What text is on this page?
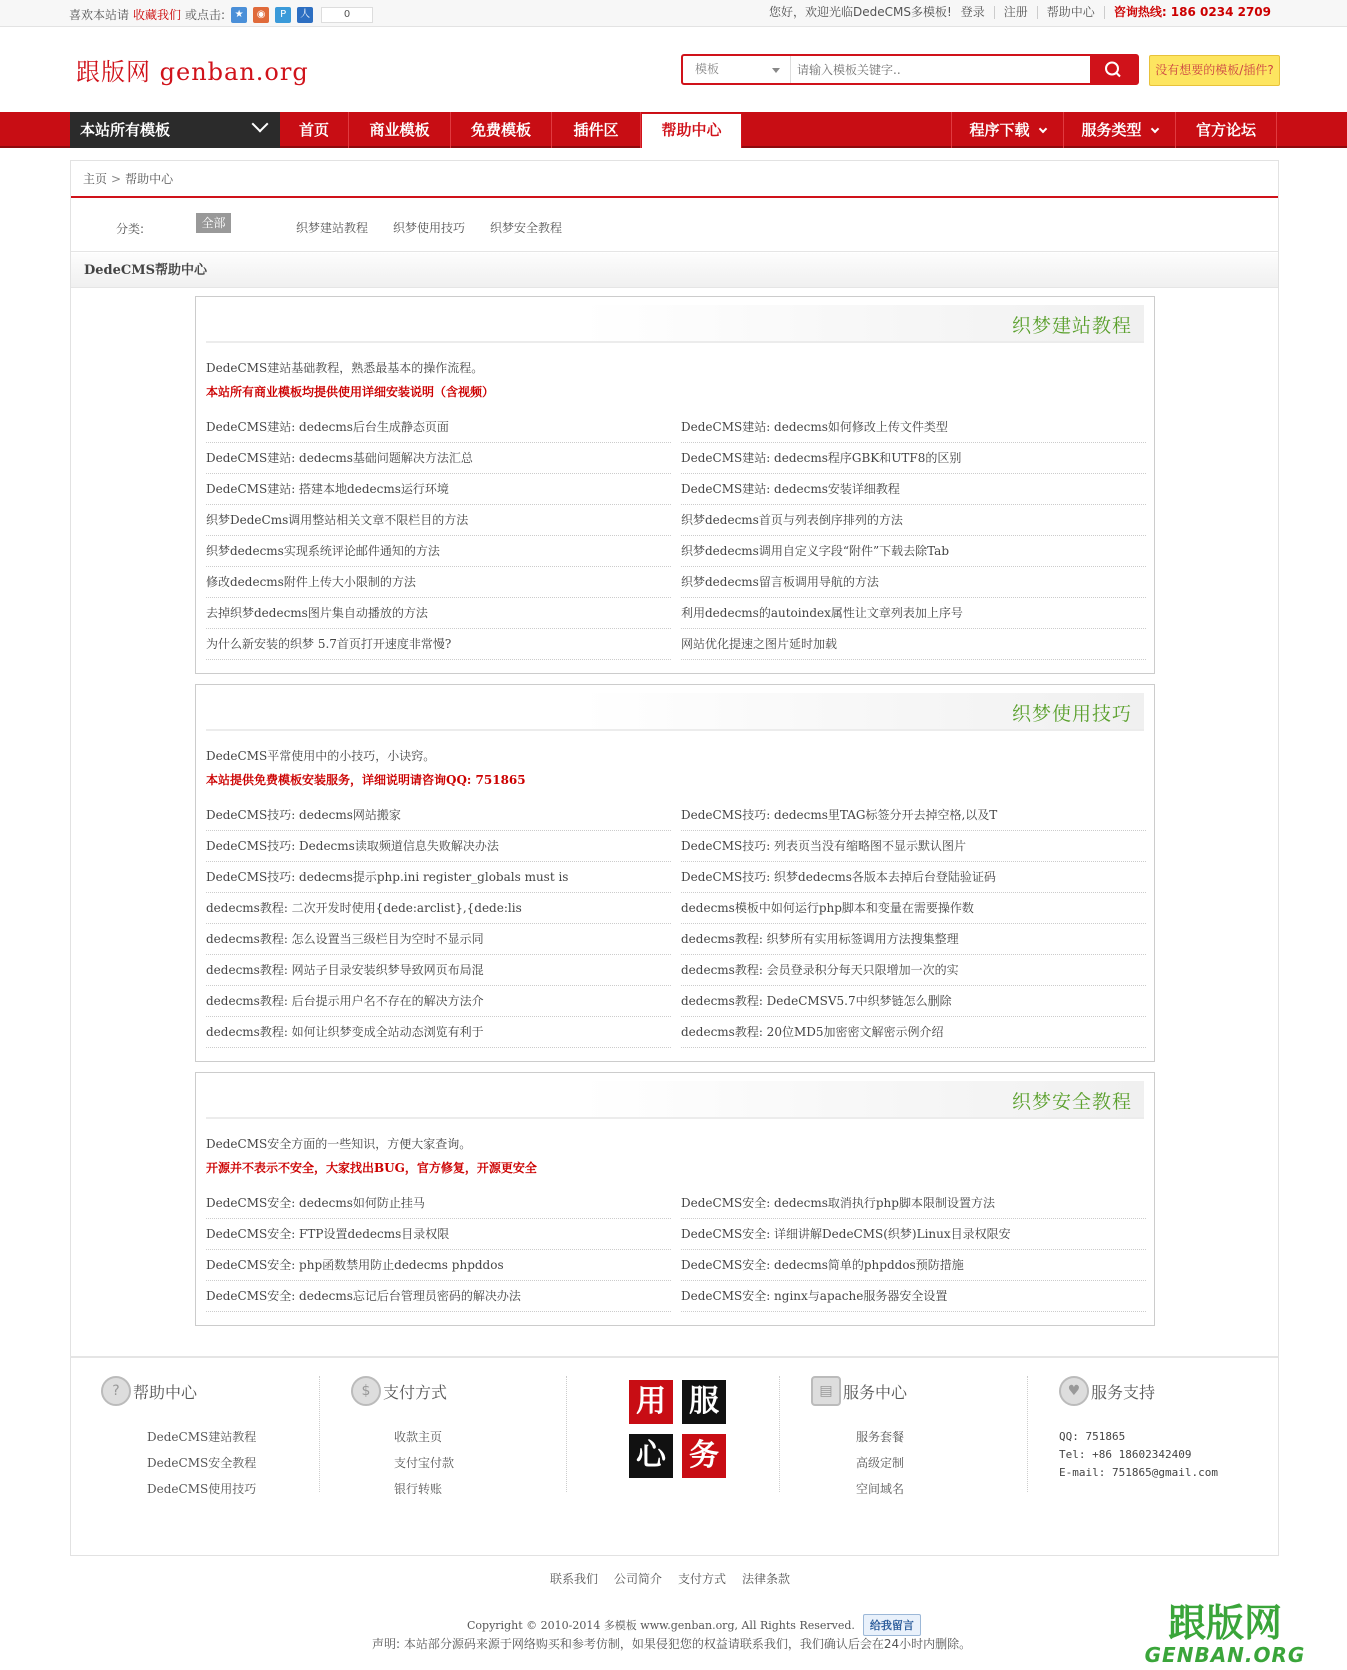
喜欢本站请 收藏我们 或点击: ★	◉	P	人	0	您好，欢迎光临DedeCMS多模板! 登录	注册	帮助中心	咨询热线: 186 0234 2709
跟版网 genban.org	模板
请输入模板关键字..	没有想要的模板/插件?
本站所有模板	首页	商业模板	免费模板	插件区	帮助中心	程序下载	服务类型	官方论坛
主页 > 帮助中心
分类:	全部	织梦建站教程 织梦使用技巧 织梦安全教程
DedeCMS帮助中心
织梦建站教程
DedeCMS建站基础教程，熟悉最基本的操作流程。
本站所有商业模板均提供使用详细安装说明（含视频）
DedeCMS建站: dedecms后台生成静态页面	DedeCMS建站: dedecms如何修改上传文件类型
DedeCMS建站: dedecms基础问题解决方法汇总	DedeCMS建站: dedecms程序GBK和UTF8的区别
DedeCMS建站: 搭建本地dedecms运行环境	DedeCMS建站: dedecms安装详细教程
织梦DedeCms调用整站相关文章不限栏目的方法	织梦dedecms首页与列表倒序排列的方法
织梦dedecms实现系统评论邮件通知的方法	织梦dedecms调用自定义字段“附件”下载去除Tab
修改dedecms附件上传大小限制的方法	织梦dedecms留言板调用导航的方法
去掉织梦dedecms图片集自动播放的方法	利用dedecms的autoindex属性让文章列表加上序号
为什么新安装的织梦 5.7首页打开速度非常慢?	网站优化提速之图片延时加载
织梦使用技巧
DedeCMS平常使用中的小技巧，小诀窍。
本站提供免费模板安装服务，详细说明请咨询QQ: 751865
DedeCMS技巧: dedecms网站搬家	DedeCMS技巧: dedecms里TAG标签分开去掉空格,以及T
DedeCMS技巧: Dedecms读取频道信息失败解决办法	DedeCMS技巧: 列表页当没有缩略图不显示默认图片
DedeCMS技巧: dedecms提示php.ini register_globals must is	DedeCMS技巧: 织梦dedecms各版本去掉后台登陆验证码
dedecms教程: 二次开发时使用{dede:arclist},{dede:lis	dedecms模板中如何运行php脚本和变量在需要操作数
dedecms教程: 怎么设置当三级栏目为空时不显示同	dedecms教程: 织梦所有实用标签调用方法搜集整理
dedecms教程: 网站子目录安装织梦导致网页布局混	dedecms教程: 会员登录积分每天只限增加一次的实
dedecms教程: 后台提示用户名不存在的解决方法介	dedecms教程: DedeCMSV5.7中织梦链怎么删除
dedecms教程: 如何让织梦变成全站动态浏览有利于	dedecms教程: 20位MD5加密密文解密示例介绍
织梦安全教程
DedeCMS安全方面的一些知识，方便大家查询。
开源并不表示不安全，大家找出BUG，官方修复，开源更安全
DedeCMS安全: dedecms如何防止挂马	DedeCMS安全: dedecms取消执行php脚本限制设置方法
DedeCMS安全: FTP设置dedecms目录权限	DedeCMS安全: 详细讲解DedeCMS(织梦)Linux目录权限安
DedeCMS安全: php函数禁用防止dedecms phpddos	DedeCMS安全: dedecms简单的phpddos预防措施
DedeCMS安全: dedecms忘记后台管理员密码的解决办法	DedeCMS安全: nginx与apache服务器安全设置
? 帮助中心
DedeCMS建站教程
DedeCMS安全教程
DedeCMS使用技巧
$ 支付方式
收款主页
支付宝付款
银行转账
用 服
心 务
▤ 服务中心
服务套餐
高级定制
空间域名
♥ 服务支持
QQ: 751865
Tel: +86 18602342409
E-mail: 751865@gmail.com
联系我们 公司简介 支付方式 法律条款
Copyright © 2010-2014 多模板 www.genban.org, All Rights Reserved.	给我留言
声明: 本站部分源码来源于网络购买和参考仿制，如果侵犯您的权益请联系我们，我们确认后会在24小时内删除。	跟版网
GENBAN.ORG
